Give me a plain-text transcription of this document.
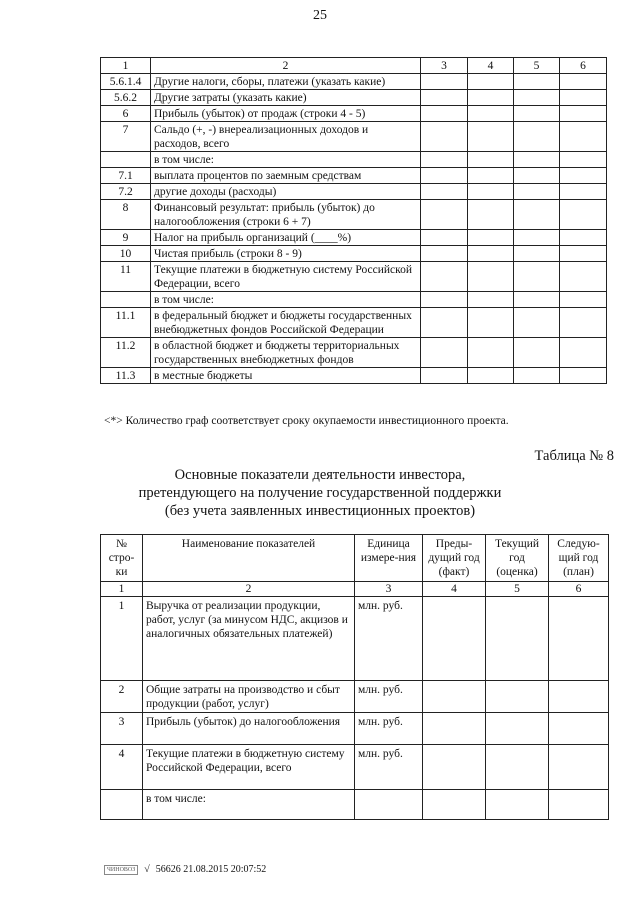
25
1	2	3	4	5	6
5.6.1.4	Другие налоги, сборы, платежи (указать какие)				
5.6.2	Другие затраты (указать какие)				
6	Прибыль (убыток) от продаж (строки 4 - 5)				
7	Сальдо (+, -) внереализационных доходов и расходов, всего				
	в том числе:				
7.1	выплата процентов по заемным средствам				
7.2	другие доходы (расходы)				
8	Финансовый результат: прибыль (убыток) до налогообложения (строки 6 + 7)				
9	Налог на прибыль организаций (____%)				
10	Чистая прибыль (строки 8 - 9)				
11	Текущие платежи в бюджетную систему Российской Федерации, всего				
	в том числе:				
11.1	в федеральный бюджет и бюджеты государственных внебюджетных фондов Российской Федерации				
11.2	в областной бюджет и бюджеты территориальных государственных внебюджетных фондов				
11.3	в местные бюджеты				
<*> Количество граф соответствует сроку окупаемости инвестиционного проекта.
Таблица № 8
Основные показатели деятельности инвестора,
претендующего на получение государственной поддержки
(без учета заявленных инвестиционных проектов)
№ стро-ки	Наименование показателей	Единица измере-ния	Преды-дущий год (факт)	Текущий год (оценка)	Следую-щий год (план)
1	2	3	4	5	6
1	Выручка от реализации продукции, работ, услуг (за минусом НДС, акцизов и аналогичных обязательных платежей)	млн. руб.			
2	Общие затраты на производство и сбыт продукции (работ, услуг)	млн. руб.			
3	Прибыль (убыток) до налогообложения	млн. руб.			
4	Текущие платежи в бюджетную систему Российской Федерации, всего	млн. руб.			
	в том числе:				
ЧИНОВОЗ √ 56626 21.08.2015 20:07:52
